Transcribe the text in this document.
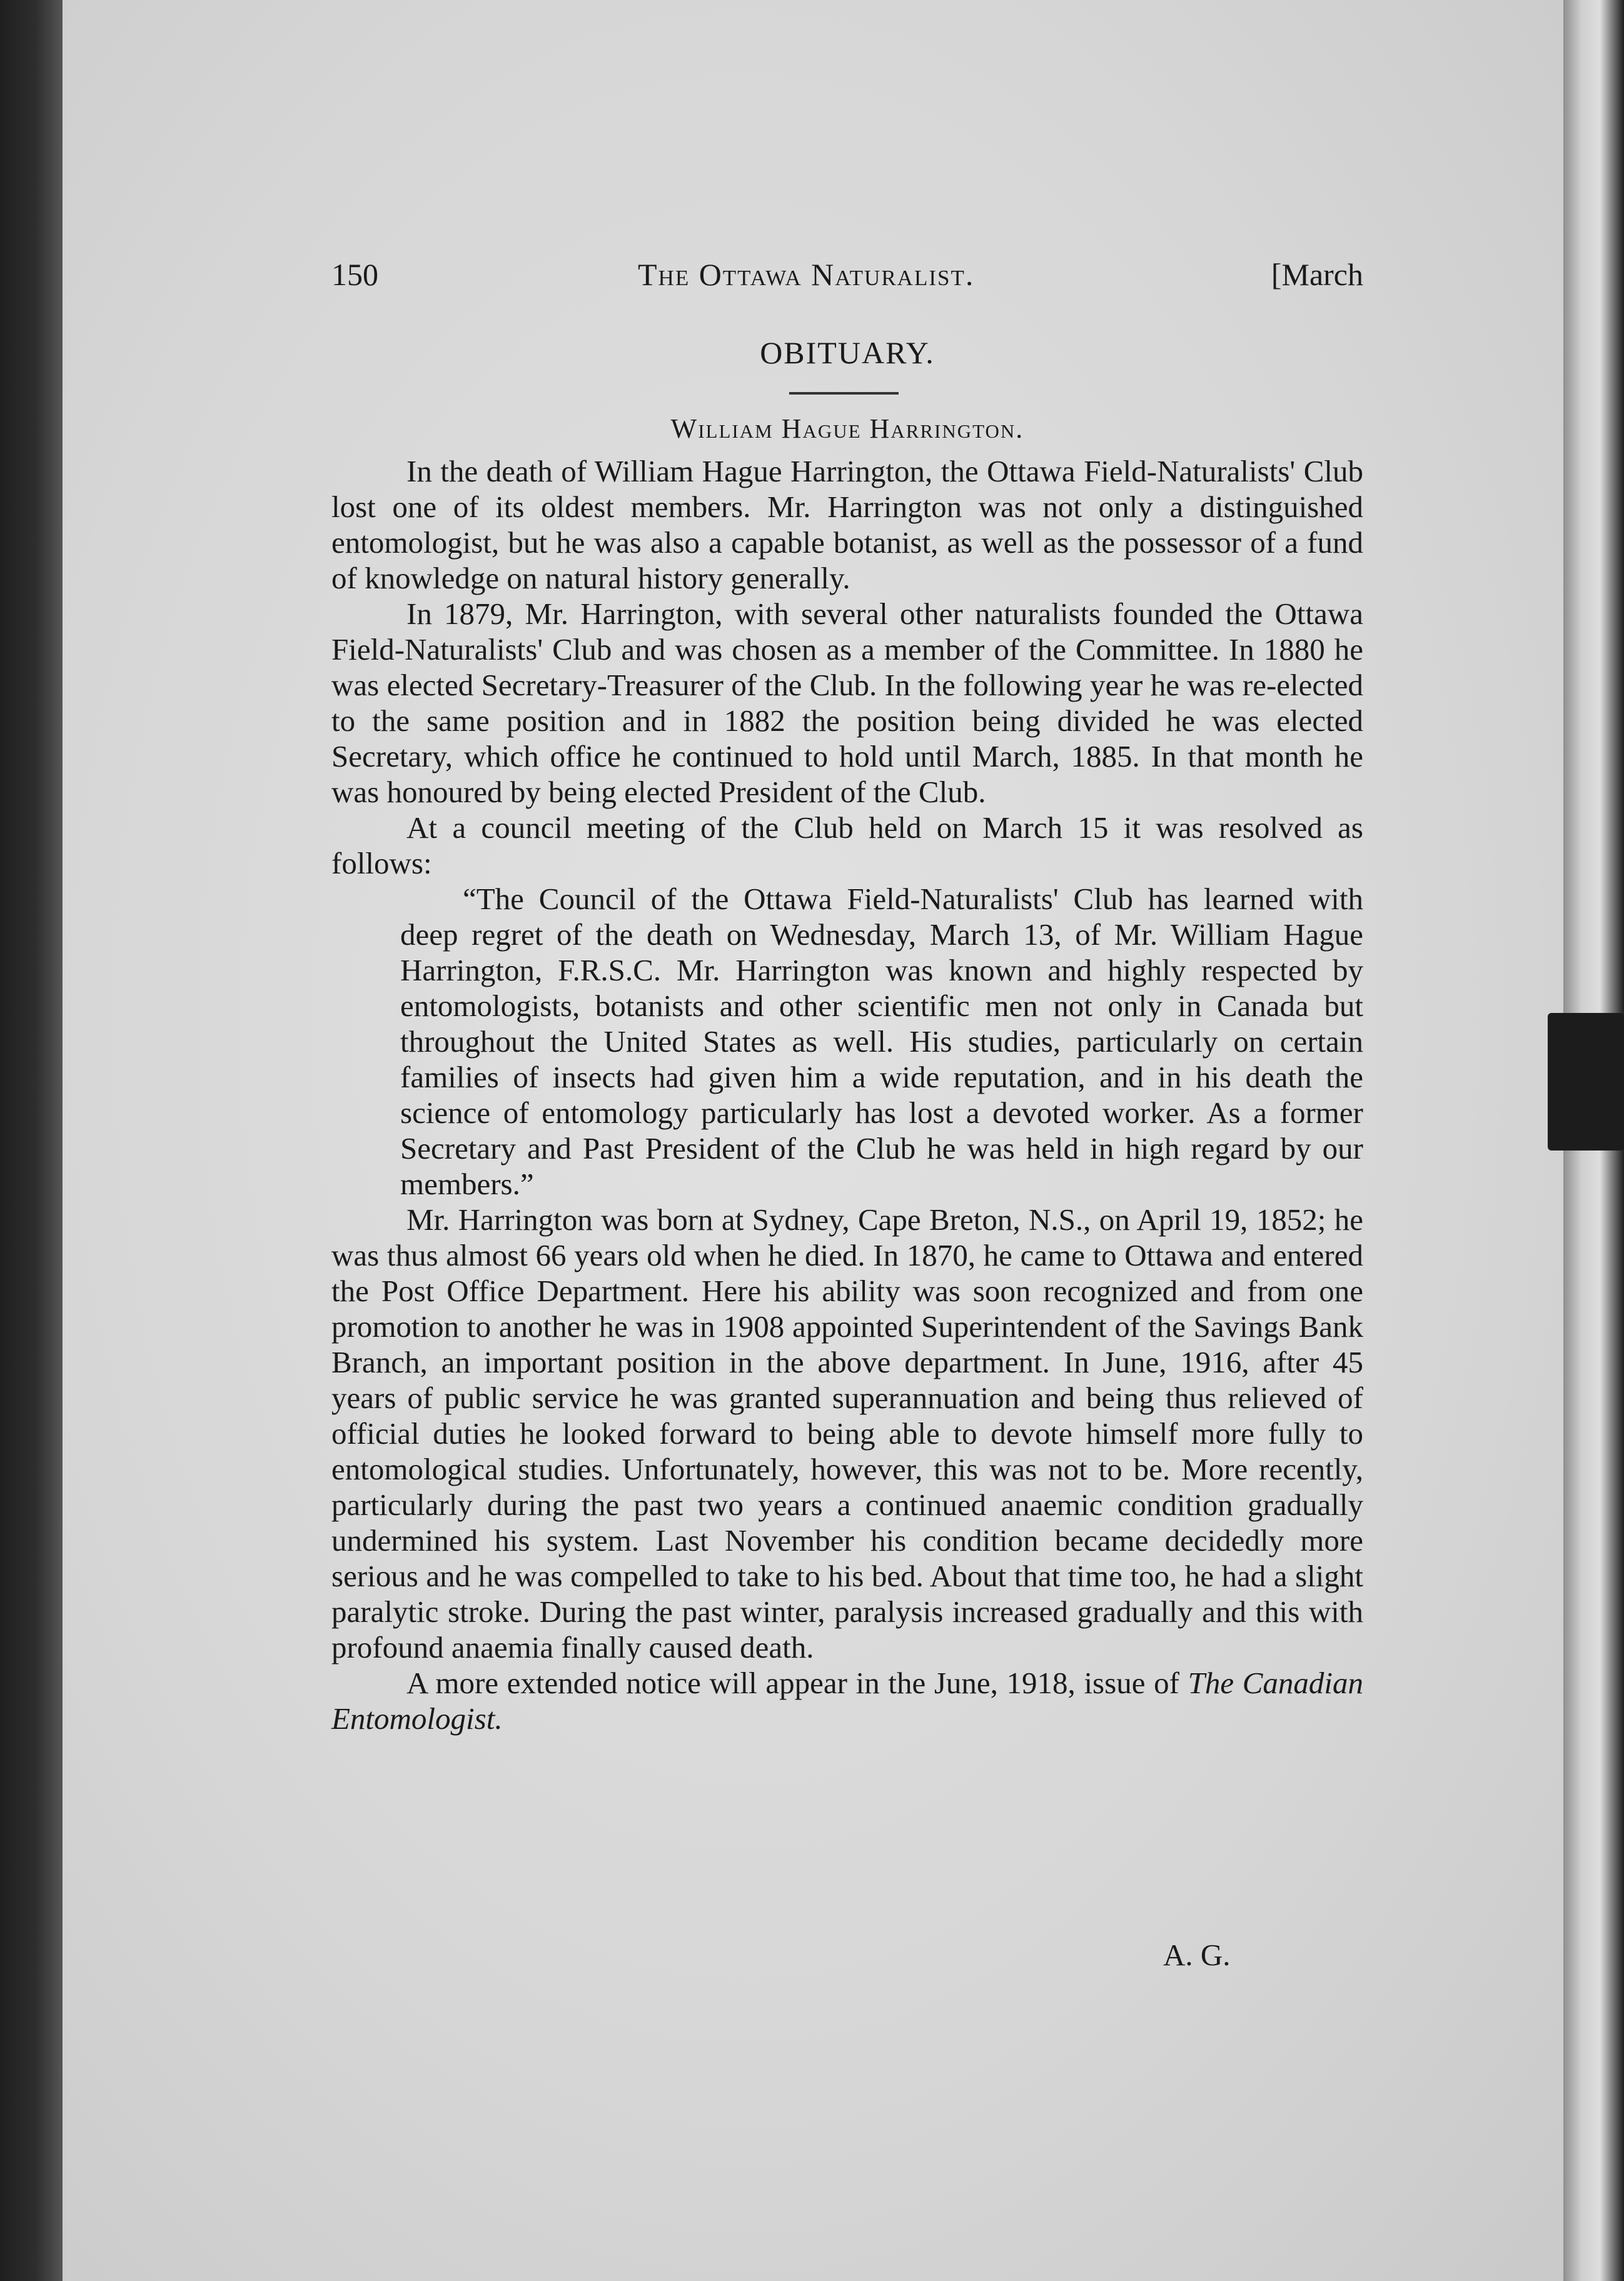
150	The Ottawa Naturalist.	[March
OBITUARY.
William Hague Harrington.

In the death of William Hague Harrington, the Ottawa Field-Naturalists' Club lost one of its oldest members. Mr. Harrington was not only a distinguished entomologist, but he was also a capable botanist, as well as the possessor of a fund of knowledge on natural history generally.

In 1879, Mr. Harrington, with several other naturalists founded the Ottawa Field-Naturalists' Club and was chosen as a member of the Committee. In 1880 he was elected Secretary-Treasurer of the Club. In the following year he was re-elected to the same position and in 1882 the position being divided he was elected Secretary, which office he continued to hold until March, 1885. In that month he was honoured by being elected President of the Club.

At a council meeting of the Club held on March 15 it was resolved as follows:

“The Council of the Ottawa Field-Naturalists' Club has learned with deep regret of the death on Wednesday, March 13, of Mr. William Hague Harrington, F.R.S.C. Mr. Harrington was known and highly respected by entomologists, botanists and other scientific men not only in Canada but throughout the United States as well. His studies, particularly on certain families of insects had given him a wide reputation, and in his death the science of entomology particularly has lost a devoted worker. As a former Secretary and Past President of the Club he was held in high regard by our members.”

Mr. Harrington was born at Sydney, Cape Breton, N.S., on April 19, 1852; he was thus almost 66 years old when he died. In 1870, he came to Ottawa and entered the Post Office Department. Here his ability was soon recognized and from one promotion to another he was in 1908 appointed Superintendent of the Savings Bank Branch, an important position in the above department. In June, 1916, after 45 years of public service he was granted superannuation and being thus relieved of official duties he looked forward to being able to devote himself more fully to entomological studies. Unfortunately, however, this was not to be. More recently, particularly during the past two years a continued anaemic condition gradually undermined his system. Last November his condition became decidedly more serious and he was compelled to take to his bed. About that time too, he had a slight paralytic stroke. During the past winter, paralysis increased gradually and this with profound anaemia finally caused death.

A more extended notice will appear in the June, 1918, issue of The Canadian Entomologist.

A. G.
